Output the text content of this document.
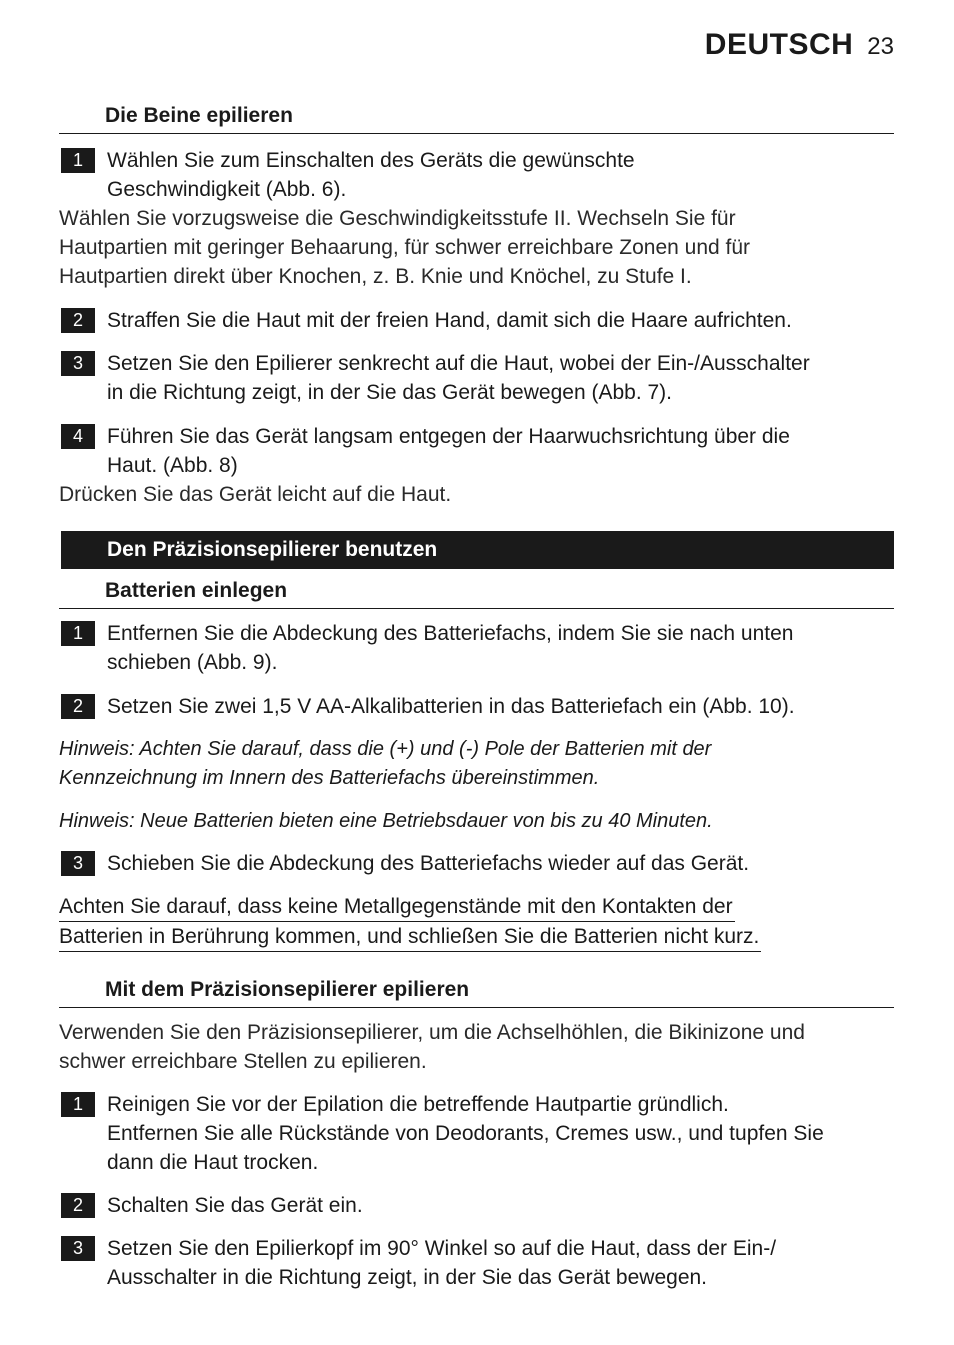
DEUTSCH 23
Die Beine epilieren
1	Wählen Sie zum Einschalten des Geräts die gewünschte
Geschwindigkeit (Abb. 6).
Wählen Sie vorzugsweise die Geschwindigkeitsstufe II. Wechseln Sie für
Hautpartien mit geringer Behaarung, für schwer erreichbare Zonen und für
Hautpartien direkt über Knochen, z. B. Knie und Knöchel, zu Stufe I.
2	Straffen Sie die Haut mit der freien Hand, damit sich die Haare aufrichten.
3	Setzen Sie den Epilierer senkrecht auf die Haut, wobei der Ein-/Ausschalter
in die Richtung zeigt, in der Sie das Gerät bewegen (Abb. 7).
4	Führen Sie das Gerät langsam entgegen der Haarwuchsrichtung über die
Haut. (Abb. 8)
Drücken Sie das Gerät leicht auf die Haut.
Den Präzisionsepilierer benutzen
Batterien einlegen
1	Entfernen Sie die Abdeckung des Batteriefachs, indem Sie sie nach unten
schieben (Abb. 9).
2	Setzen Sie zwei 1,5 V AA-Alkalibatterien in das Batteriefach ein (Abb. 10).
Hinweis: Achten Sie darauf, dass die (+) und (-) Pole der Batterien mit der
Kennzeichnung im Innern des Batteriefachs übereinstimmen.
Hinweis: Neue Batterien bieten eine Betriebsdauer von bis zu 40 Minuten.
3	Schieben Sie die Abdeckung des Batteriefachs wieder auf das Gerät.
Achten Sie darauf, dass keine Metallgegenstände mit den Kontakten der
Batterien in Berührung kommen, und schließen Sie die Batterien nicht kurz.
Mit dem Präzisionsepilierer epilieren
Verwenden Sie den Präzisionsepilierer, um die Achselhöhlen, die Bikinizone und
schwer erreichbare Stellen zu epilieren.
1	Reinigen Sie vor der Epilation die betreffende Hautpartie gründlich.
Entfernen Sie alle Rückstände von Deodorants, Cremes usw., und tupfen Sie
dann die Haut trocken.
2	Schalten Sie das Gerät ein.
3	Setzen Sie den Epilierkopf im 90° Winkel so auf die Haut, dass der Ein-/
Ausschalter in die Richtung zeigt, in der Sie das Gerät bewegen.
